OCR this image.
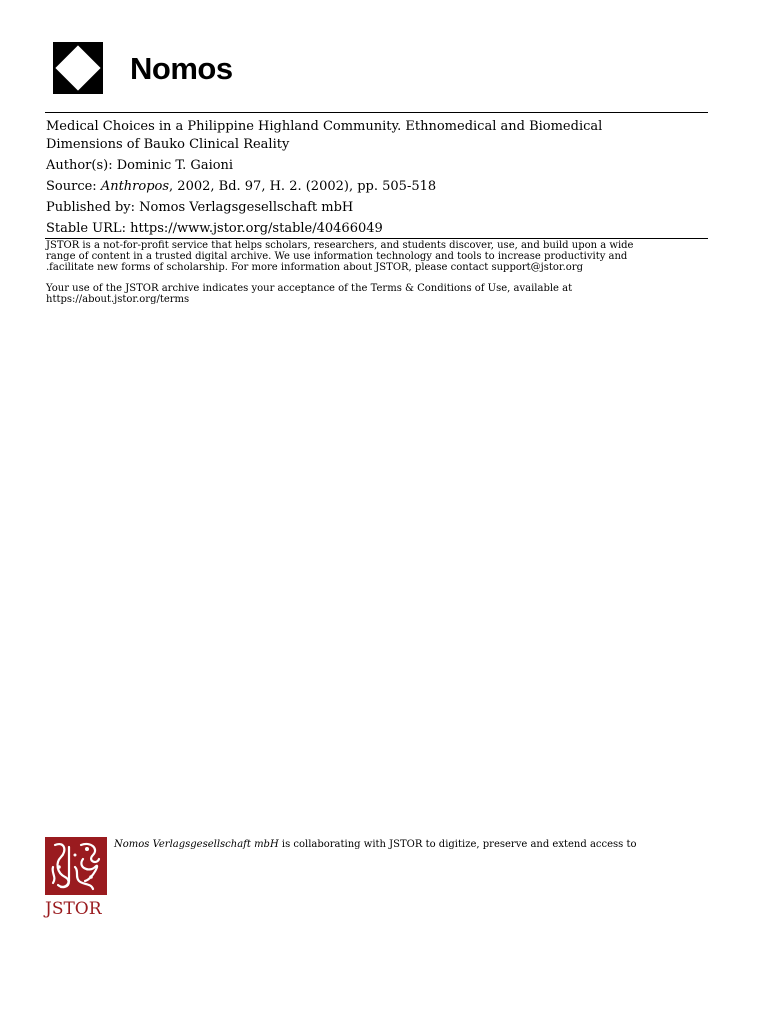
Nomos

Medical Choices in a Philippine Highland Community. Ethnomedical and Biomedical
Dimensions of Bauko Clinical Reality

Author(s): Dominic T. Gaioni

Source: Anthropos, 2002, Bd. 97, H. 2. (2002), pp. 505-518

Published by: Nomos Verlagsgesellschaft mbH

Stable URL: https://www.jstor.org/stable/40466049

JSTOR is a not-for-profit service that helps scholars, researchers, and students discover, use, and build upon a wide

range of content in a trusted digital archive. We use information technology and tools to increase productivity and

.facilitate new forms of scholarship. For more information about JSTOR, please contact support@jstor.org

Your use of the JSTOR archive indicates your acceptance of the Terms & Conditions of Use, available at

https://about.jstor.org/terms

JSTOR
Nomos Verlagsgesellschaft mbH is collaborating with JSTOR to digitize, preserve and extend access to
